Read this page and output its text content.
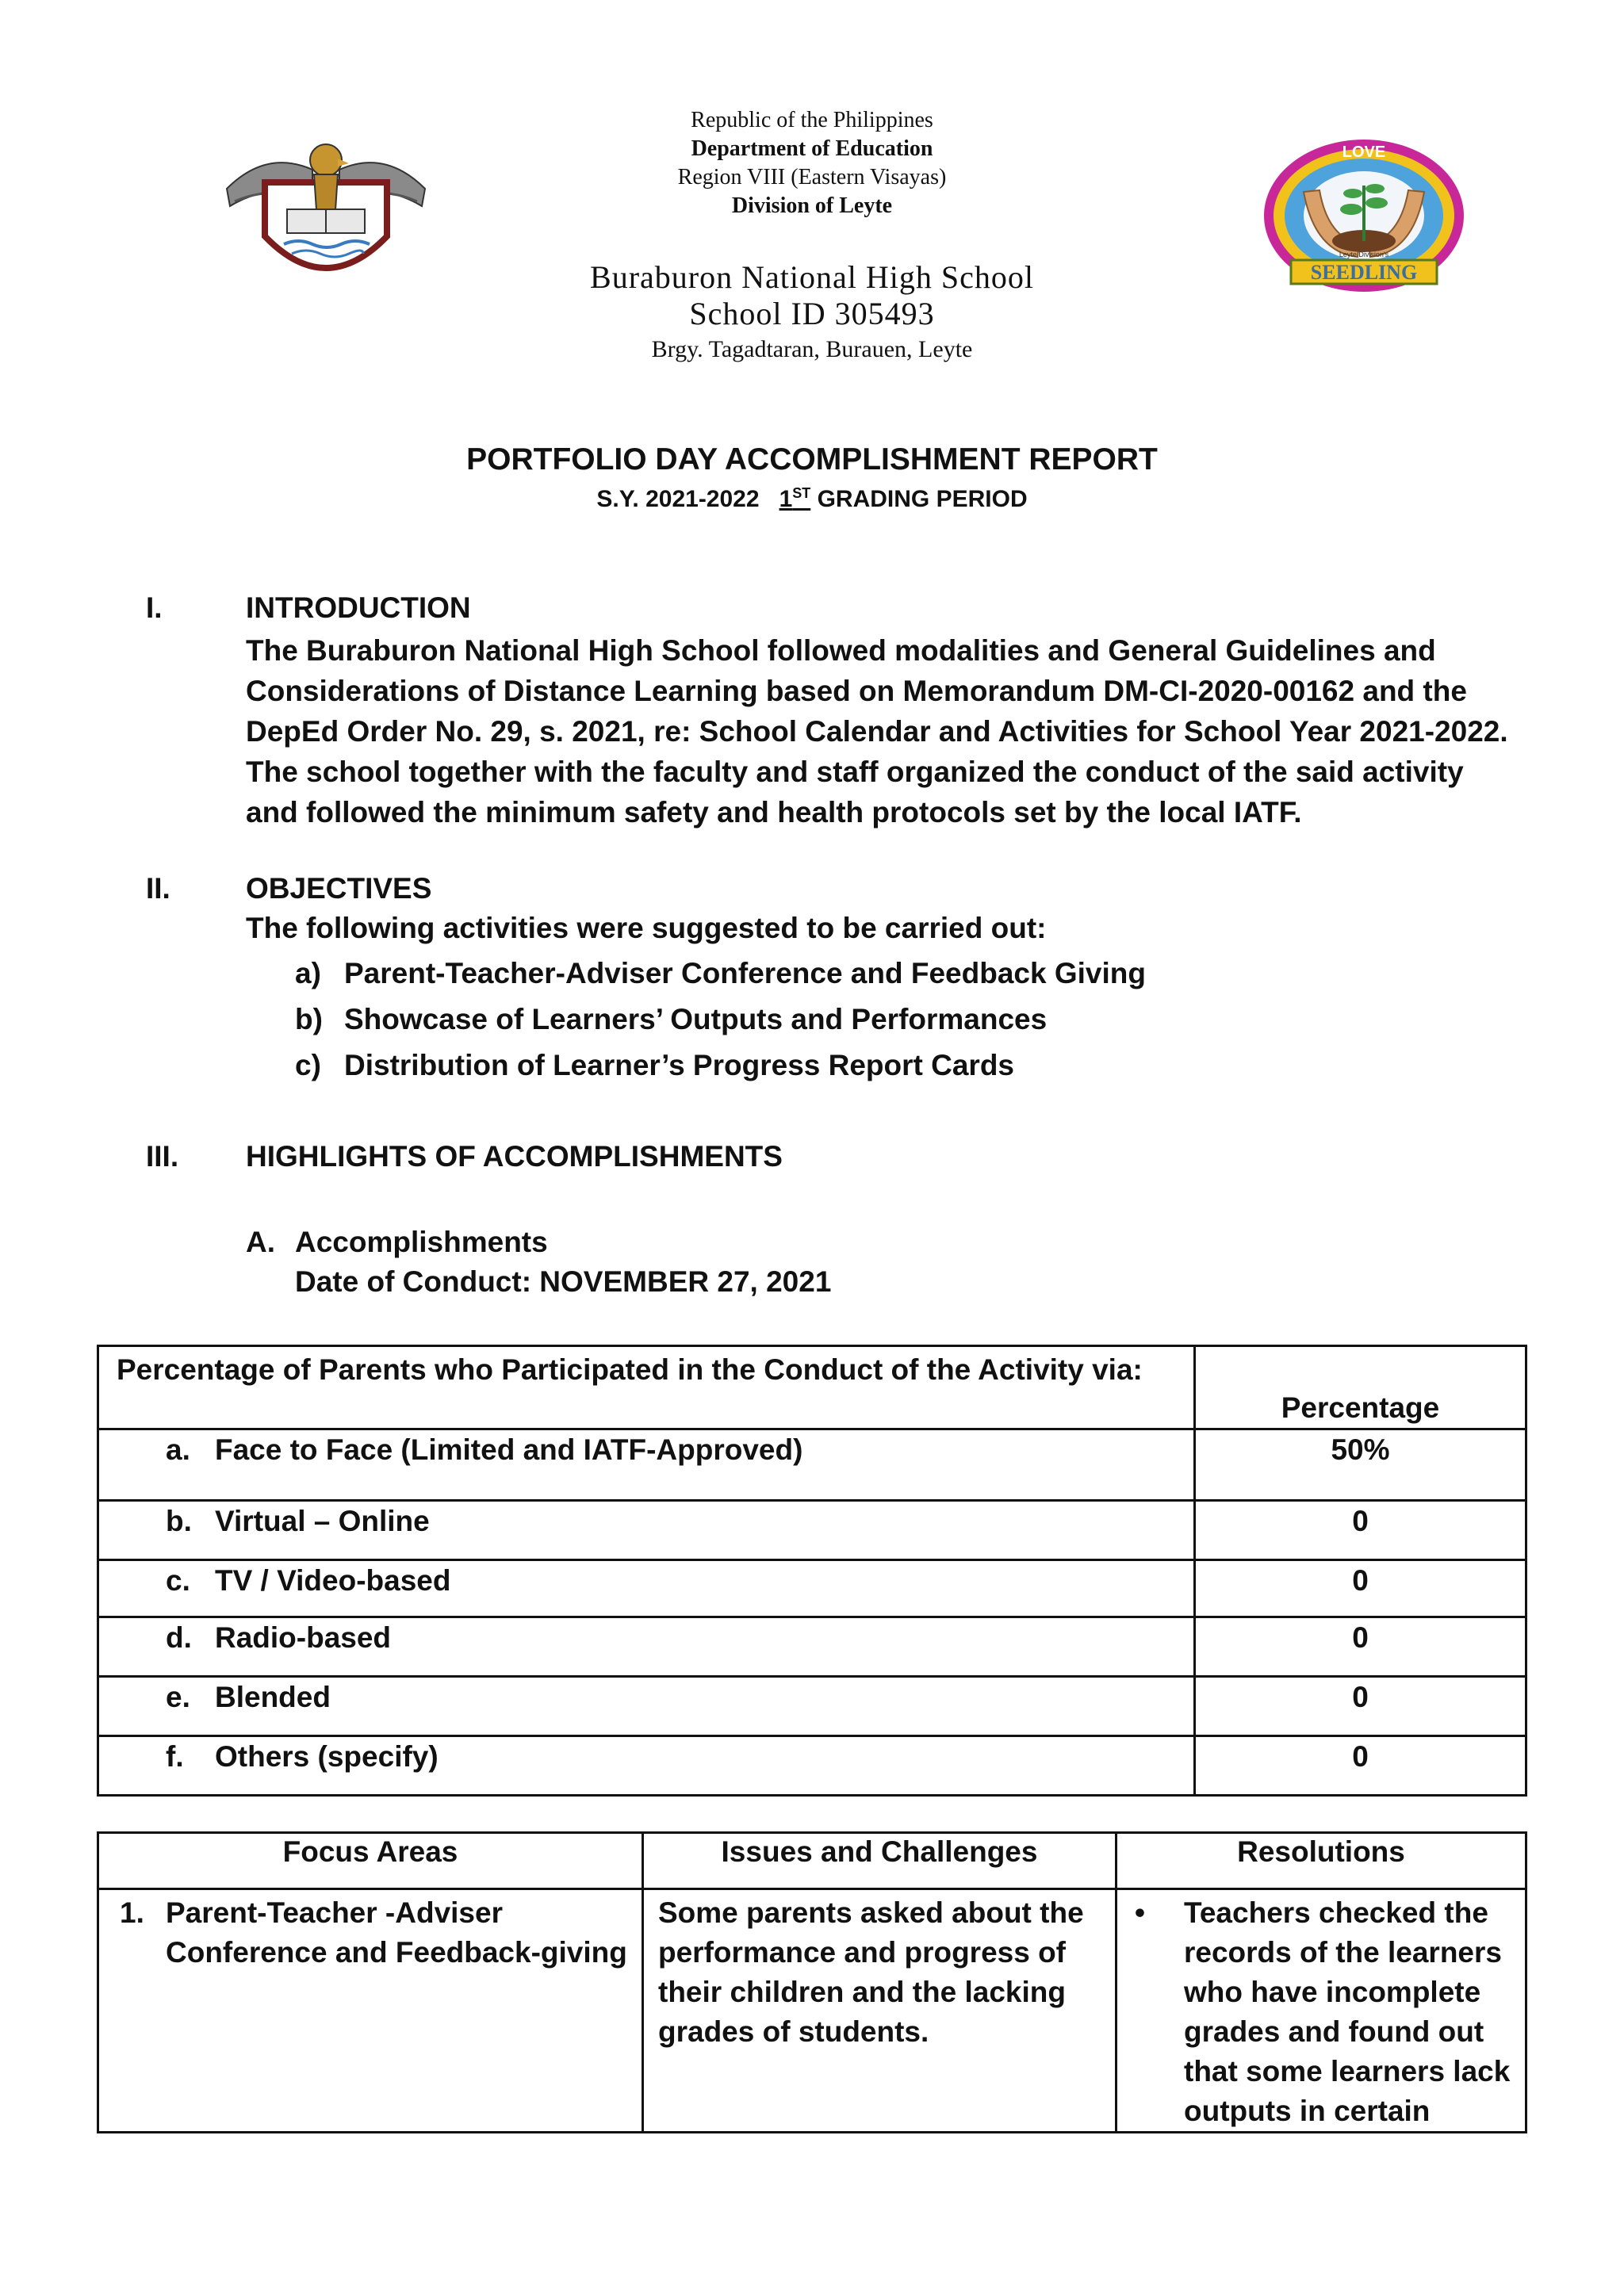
LOVE
Leyte Division's
SEEDLING
Republic of the Philippines
Department of Education
Region VIII (Eastern Visayas)
Division of Leyte
Buraburon National High School
School ID 305493
Brgy. Tagadtaran, Burauen, Leyte
PORTFOLIO DAY ACCOMPLISHMENT REPORT
S.Y. 2021-2022 1ST GRADING PERIOD
I.	INTRODUCTION
The Buraburon National High School followed modalities and General Guidelines and
Considerations of Distance Learning based on Memorandum DM-CI-2020-00162 and the
DepEd Order No. 29, s. 2021, re: School Calendar and Activities for School Year 2021-2022.
The school together with the faculty and staff organized the conduct of the said activity
and followed the minimum safety and health protocols set by the local IATF.
II.	OBJECTIVES
The following activities were suggested to be carried out:
a) Parent-Teacher-Adviser Conference and Feedback Giving
b) Showcase of Learners’ Outputs and Performances
c) Distribution of Learner’s Progress Report Cards
III. HIGHLIGHTS OF ACCOMPLISHMENTS
A. Accomplishments
Date of Conduct: NOVEMBER 27, 2021
Percentage of Parents who Participated in the Conduct of the Activity via:	Percentage
a. Face to Face (Limited and IATF-Approved)	50%
b. Virtual – Online	0
c. TV / Video-based	0
d. Radio-based	0
e. Blended	0
f. Others (specify)	0
Focus Areas	Issues and Challenges	Resolutions

1. Parent-Teacher -Adviser Conference and Feedback-giving	Some parents asked about the performance and progress of their children and the lacking grades of students.	• Teachers checked the records of the learners who have incomplete grades and found out that some learners lack outputs in certain
